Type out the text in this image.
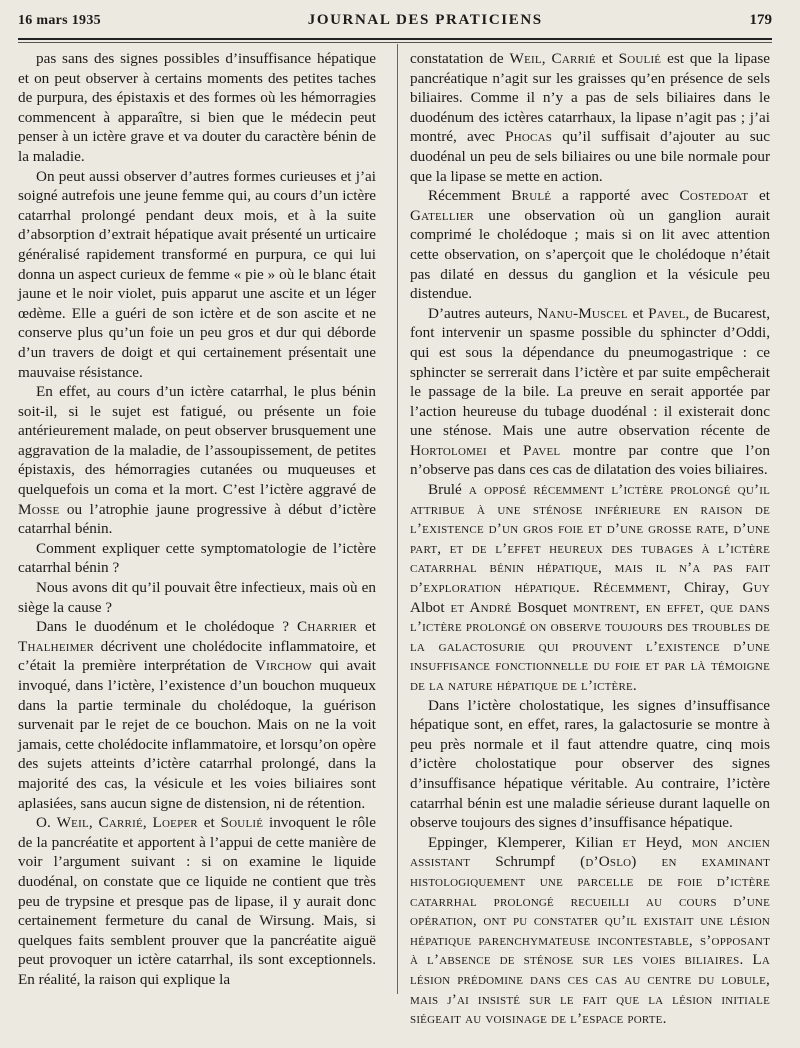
16 mars 1935	JOURNAL DES PRATICIENS	179

pas sans des signes possibles d’insuffisance hépatique et on peut observer à certains moments des petites taches de purpura, des épistaxis et des formes où les hémorragies commencent à apparaître, si bien que le médecin peut penser à un ictère grave et va douter du caractère bénin de la maladie.

On peut aussi observer d’autres formes curieuses et j’ai soigné autrefois une jeune femme qui, au cours d’un ictère catarrhal prolongé pendant deux mois, et à la suite d’absorption d’extrait hépatique avait présenté un urticaire généralisé rapidement transformé en purpura, ce qui lui donna un aspect curieux de femme « pie » où le blanc était jaune et le noir violet, puis apparut une ascite et un léger œdème. Elle a guéri de son ictère et de son ascite et ne conserve plus qu’un foie un peu gros et dur qui déborde d’un travers de doigt et qui certainement présentait une mauvaise résistance.

En effet, au cours d’un ictère catarrhal, le plus bénin soit-il, si le sujet est fatigué, ou présente un foie antérieurement malade, on peut observer brusquement une aggravation de la maladie, de l’assoupissement, de petites épistaxis, des hémorragies cutanées ou muqueuses et quelquefois un coma et la mort. C’est l’ictère aggravé de Mosse ou l’atrophie jaune progressive à début d’ictère catarrhal bénin.

Comment expliquer cette symptomatologie de l’ictère catarrhal bénin ?

Nous avons dit qu’il pouvait être infectieux, mais où en siège la cause ?

Dans le duodénum et le cholédoque ? Charrier et Thalheimer décrivent une cholédocite inflammatoire, et c’était la première interprétation de Virchow qui avait invoqué, dans l’ictère, l’existence d’un bouchon muqueux dans la partie terminale du cholédoque, la guérison survenait par le rejet de ce bouchon. Mais on ne la voit jamais, cette cholédocite inflammatoire, et lorsqu’on opère des sujets atteints d’ictère catarrhal prolongé, dans la majorité des cas, la vésicule et les voies biliaires sont aplasiées, sans aucun signe de distension, ni de rétention.

O. Weil, Carrié, Loeper et Soulié invoquent le rôle de la pancréatite et apportent à l’appui de cette manière de voir l’argument suivant : si on examine le liquide duodénal, on constate que ce liquide ne contient que très peu de trypsine et presque pas de lipase, il y aurait donc certainement fermeture du canal de Wirsung. Mais, si quelques faits semblent prouver que la pancréatite aiguë peut provoquer un ictère catarrhal, ils sont exceptionnels. En réalité, la raison qui explique la

constatation de Weil, Carrié et Soulié est que la lipase pancréatique n’agit sur les graisses qu’en présence de sels biliaires. Comme il n’y a pas de sels biliaires dans le duodénum des ictères catarrhaux, la lipase n’agit pas ; j’ai montré, avec Phocas qu’il suffisait d’ajouter au suc duodénal un peu de sels biliaires ou une bile normale pour que la lipase se mette en action.

Récemment Brulé a rapporté avec Costedoat et Gatellier une observation où un ganglion aurait comprimé le cholédoque ; mais si on lit avec attention cette observation, on s’aperçoit que le cholédoque n’était pas dilaté en dessus du ganglion et la vésicule peu distendue.

D’autres auteurs, Nanu-Muscel et Pavel, de Bucarest, font intervenir un spasme possible du sphincter d’Oddi, qui est sous la dépendance du pneumogastrique : ce sphincter se serrerait dans l’ictère et par suite empêcherait le passage de la bile. La preuve en serait apportée par l’action heureuse du tubage duodénal : il existerait donc une sténose. Mais une autre observation récente de Hortolomei et Pavel montre par contre que l’on n’observe pas dans ces cas de dilatation des voies biliaires.

Brulé a opposé récemment l’ictère prolongé qu’il attribue à une sténose inférieure en raison de l’existence d’un gros foie et d’une grosse rate, d’une part, et de l’effet heureux des tubages à l’ictère catarrhal bénin hépatique, mais il n’a pas fait d’exploration hépatique. Récemment, Chiray, Guy Albot et André Bosquet montrent, en effet, que dans l’ictère prolongé on observe toujours des troubles de la galactosurie qui prouvent l’existence d’une insuffisance fonctionnelle du foie et par là témoigne de la nature hépatique de l’ictère.

Dans l’ictère cholostatique, les signes d’insuffisance hépatique sont, en effet, rares, la galactosurie se montre à peu près normale et il faut attendre quatre, cinq mois d’ictère cholostatique pour observer des signes d’insuffisance hépatique véritable. Au contraire, l’ictère catarrhal bénin est une maladie sérieuse durant laquelle on observe toujours des signes d’insuffisance hépatique.

Eppinger, Klemperer, Kilian et Heyd, mon ancien assistant Schrumpf (d’Oslo) en examinant histologiquement une parcelle de foie d’ictère catarrhal prolongé recueilli au cours d’une opération, ont pu constater qu’il existait une lésion hépatique parenchymateuse incontestable, s’opposant à l’absence de sténose sur les voies biliaires. La lésion prédomine dans ces cas au centre du lobule, mais j’ai insisté sur le fait que la lésion initiale siégeait au voisinage de l’espace porte.
